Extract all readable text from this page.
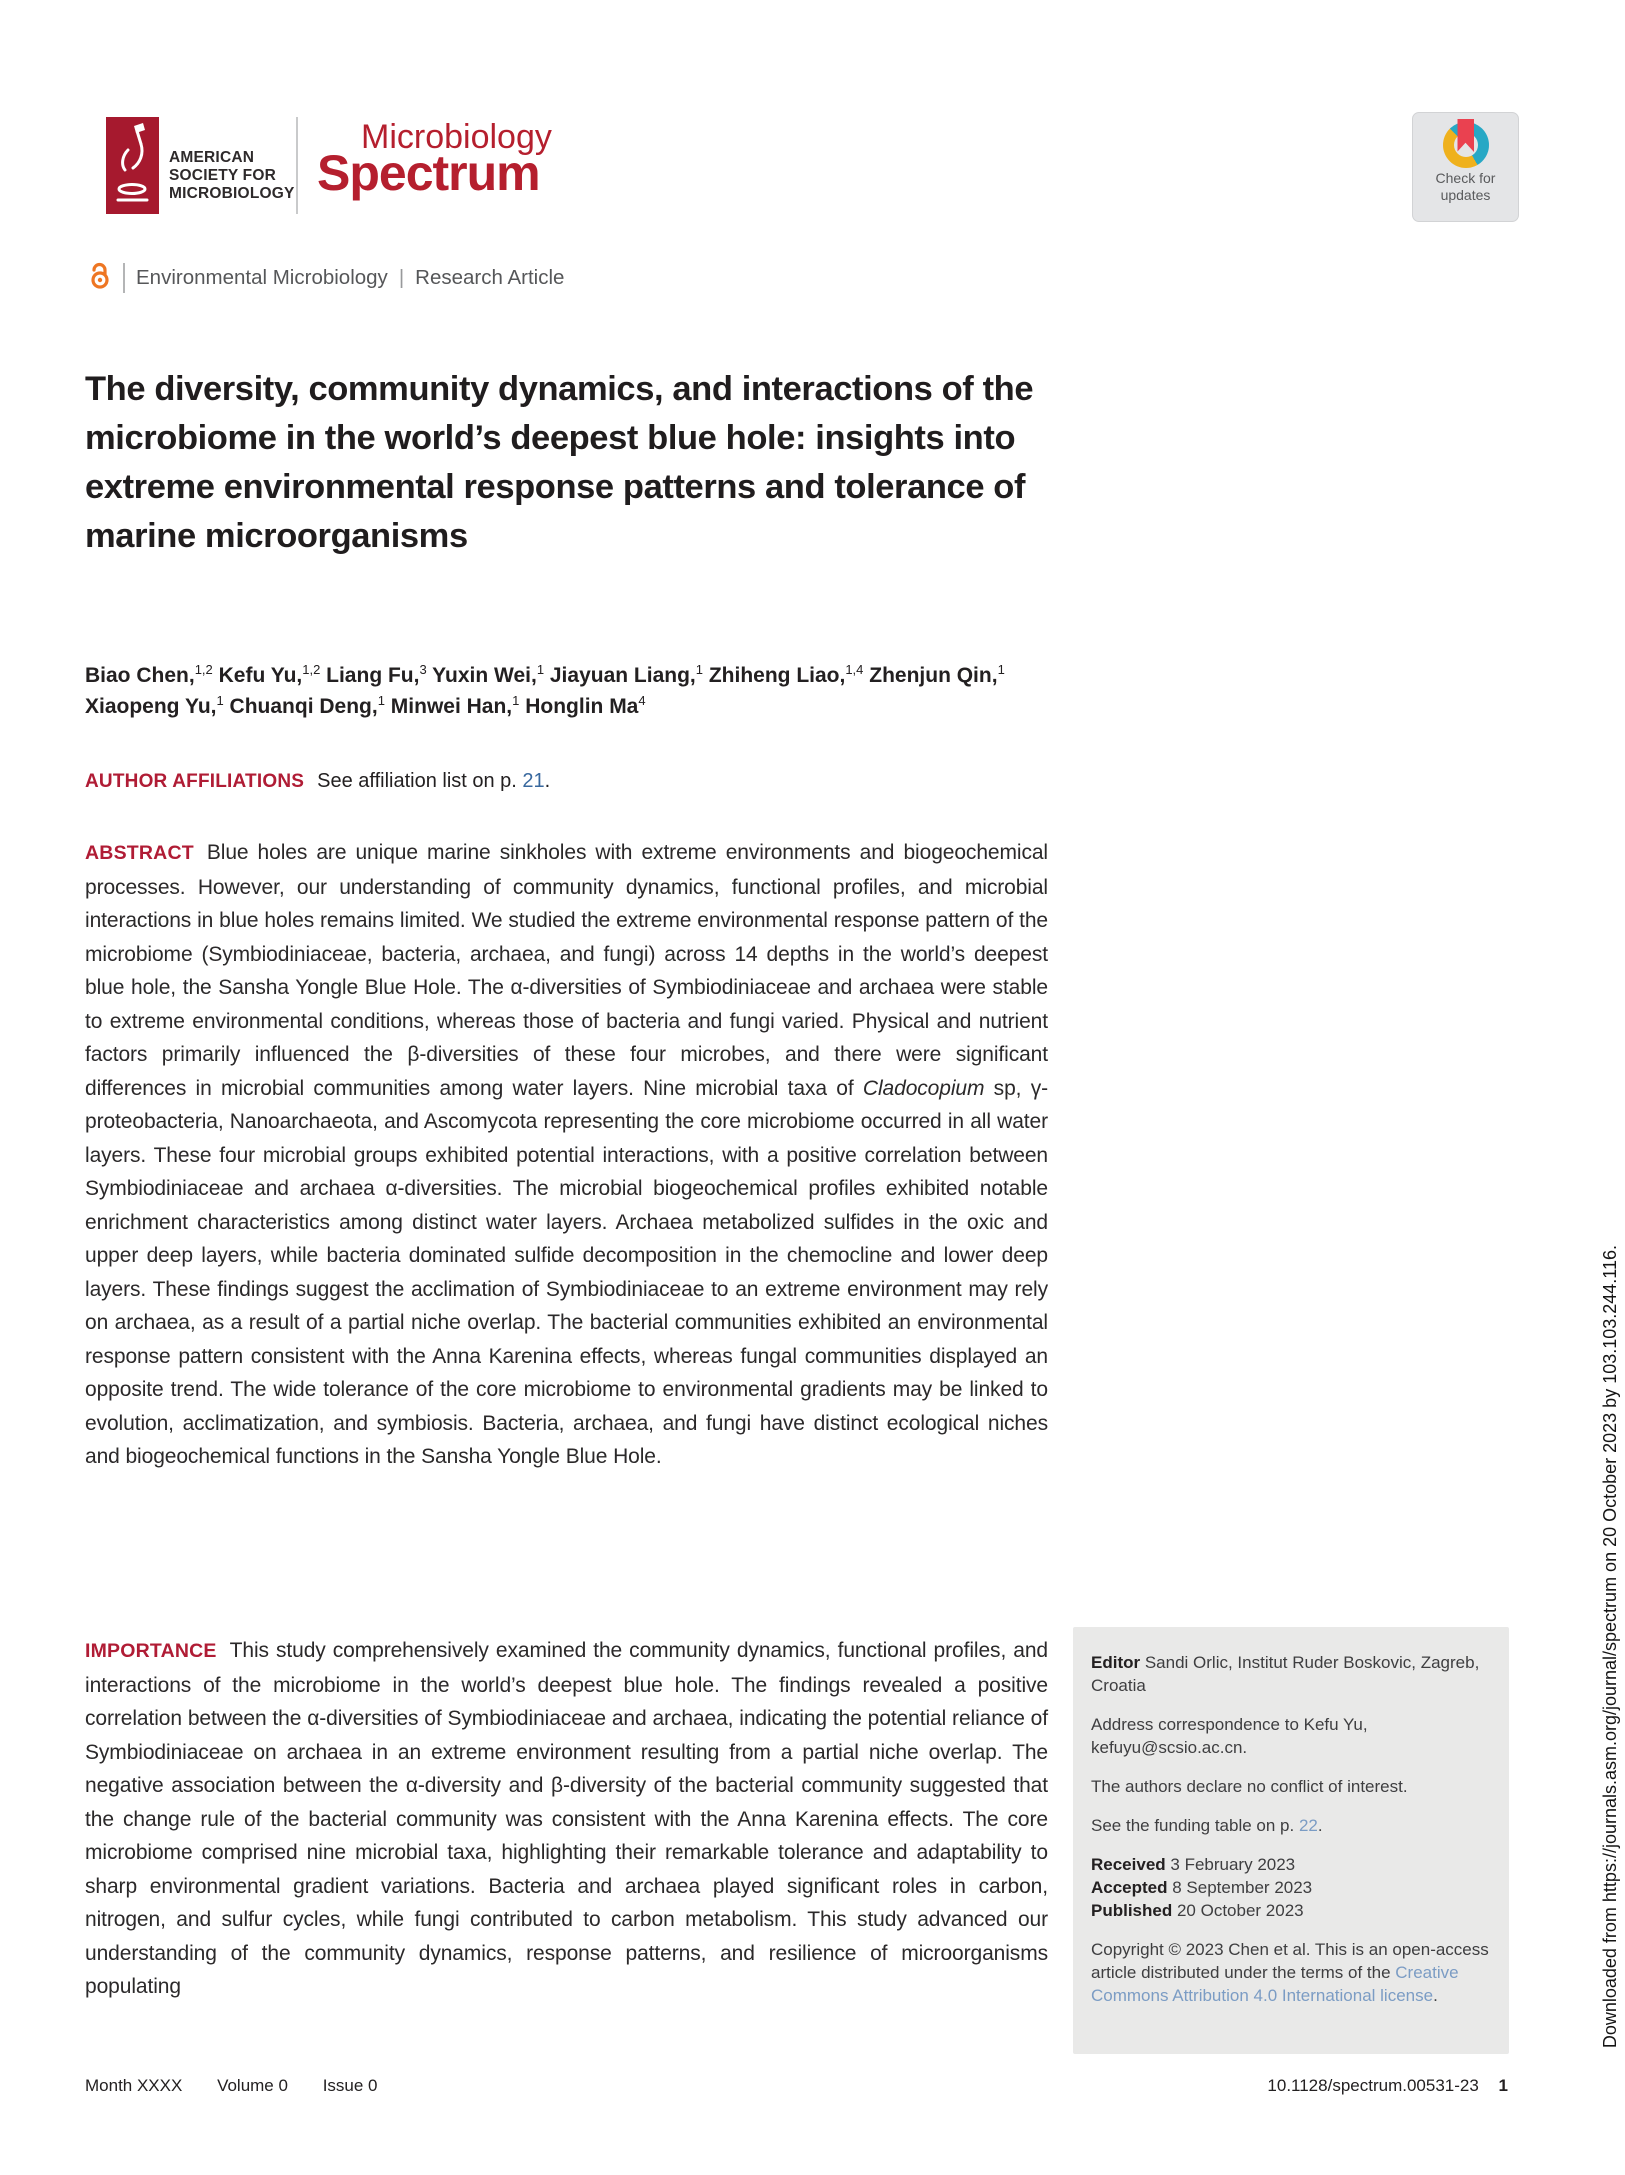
AMERICAN
SOCIETY FOR
MICROBIOLOGY
Microbiology
Spectrum	Check for updates
Environmental Microbiology | Research Article
The diversity, community dynamics, and interactions of the microbiome in the world’s deepest blue hole: insights into extreme environmental response patterns and tolerance of marine microorganisms

Biao Chen,$^{1,2}$ Kefu Yu,$^{1,2}$ Liang Fu,$^3$ Yuxin Wei,$^1$ Jiayuan Liang,$^1$ Zhiheng Liao,$^{1,4}$ Zhenjun Qin,$^1$ Xiaopeng Yu,$^1$ Chuanqi Deng,$^1$ Minwei Han,$^1$ Honglin Ma$^4$

AUTHOR AFFILIATIONS See affiliation list on p. 21.

ABSTRACT Blue holes are unique marine sinkholes with extreme environments and biogeochemical processes. However, our understanding of community dynamics, functional profiles, and microbial interactions in blue holes remains limited. We studied the extreme environmental response pattern of the microbiome (Symbiodiniaceae, bacteria, archaea, and fungi) across 14 depths in the world’s deepest blue hole, the Sansha Yongle Blue Hole. The α-diversities of Symbiodiniaceae and archaea were stable to extreme environmental conditions, whereas those of bacteria and fungi varied. Physical and nutrient factors primarily influenced the β-diversities of these four microbes, and there were significant differences in microbial communities among water layers. Nine microbial taxa of Cladocopium sp, γ-proteobacteria, Nanoarchaeota, and Ascomycota representing the core microbiome occurred in all water layers. These four microbial groups exhibited potential interactions, with a positive correlation between Symbiodiniaceae and archaea α-diversities. The microbial biogeochemical profiles exhibited notable enrichment characteristics among distinct water layers. Archaea metabolized sulfides in the oxic and upper deep layers, while bacteria dominated sulfide decomposition in the chemocline and lower deep layers. These findings suggest the acclimation of Symbiodiniaceae to an extreme environment may rely on archaea, as a result of a partial niche overlap. The bacterial communities exhibited an environmental response pattern consistent with the Anna Karenina effects, whereas fungal communities displayed an opposite trend. The wide tolerance of the core microbiome to environmental gradients may be linked to evolution, acclimatization, and symbiosis. Bacteria, archaea, and fungi have distinct ecological niches and biogeochemical functions in the Sansha Yongle Blue Hole.

IMPORTANCE This study comprehensively examined the community dynamics, functional profiles, and interactions of the microbiome in the world’s deepest blue hole. The findings revealed a positive correlation between the α-diversities of Symbiodiniaceae and archaea, indicating the potential reliance of Symbiodiniaceae on archaea in an extreme environment resulting from a partial niche overlap. The negative association between the α-diversity and β-diversity of the bacterial community suggested that the change rule of the bacterial community was consistent with the Anna Karenina effects. The core microbiome comprised nine microbial taxa, highlighting their remarkable tolerance and adaptability to sharp environmental gradient variations. Bacteria and archaea played significant roles in carbon, nitrogen, and sulfur cycles, while fungi contributed to carbon metabolism. This study advanced our understanding of the community dynamics, response patterns, and resilience of microorganisms populating

Editor Sandi Orlic, Institut Ruder Boskovic, Zagreb, Croatia

Address correspondence to Kefu Yu, kefuyu@scsio.ac.cn.

The authors declare no conflict of interest.

See the funding table on p. 22.

Received 3 February 2023

Accepted 8 September 2023

Published 20 October 2023

Copyright © 2023 Chen et al. This is an open-access article distributed under the terms of the Creative Commons Attribution 4.0 International license.

Month XXXX Volume 0 Issue 0	10.1128/spectrum.00531-23 1
Downloaded from https://journals.asm.org/journal/spectrum on 20 October 2023 by 103.103.244.116.
